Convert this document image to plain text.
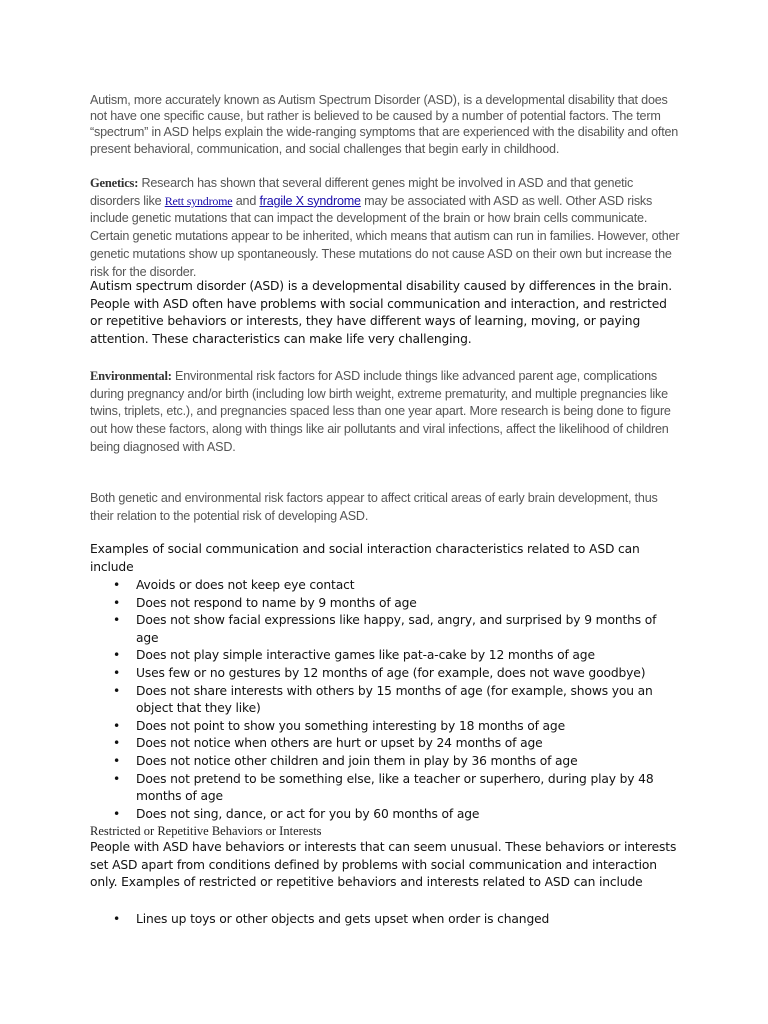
Autism, more accurately known as Autism Spectrum Disorder (ASD), is a developmental disability that does not have one specific cause, but rather is believed to be caused by a number of potential factors. The term “spectrum” in ASD helps explain the wide-ranging symptoms that are experienced with the disability and often present behavioral, communication, and social challenges that begin early in childhood.

Genetics: Research has shown that several different genes might be involved in ASD and that genetic disorders like Rett syndrome and fragile X syndrome may be associated with ASD as well. Other ASD risks include genetic mutations that can impact the development of the brain or how brain cells communicate. Certain genetic mutations appear to be inherited, which means that autism can run in families. However, other genetic mutations show up spontaneously. These mutations do not cause ASD on their own but increase the risk for the disorder.

Autism spectrum disorder (ASD) is a developmental disability caused by differences in the brain. People with ASD often have problems with social communication and interaction, and restricted or repetitive behaviors or interests, they have different ways of learning, moving, or paying attention. These characteristics can make life very challenging.

Environmental: Environmental risk factors for ASD include things like advanced parent age, complications during pregnancy and/or birth (including low birth weight, extreme prematurity, and multiple pregnancies like twins, triplets, etc.), and pregnancies spaced less than one year apart. More research is being done to figure out how these factors, along with things like air pollutants and viral infections, affect the likelihood of children being diagnosed with ASD.

Both genetic and environmental risk factors appear to affect critical areas of early brain development, thus their relation to the potential risk of developing ASD.

Examples of social communication and social interaction characteristics related to ASD can include

• Avoids or does not keep eye contact
• Does not respond to name by 9 months of age
• Does not show facial expressions like happy, sad, angry, and surprised by 9 months of age
• Does not play simple interactive games like pat-a-cake by 12 months of age
• Uses few or no gestures by 12 months of age (for example, does not wave goodbye)
• Does not share interests with others by 15 months of age (for example, shows you an object that they like)
• Does not point to show you something interesting by 18 months of age
• Does not notice when others are hurt or upset by 24 months of age
• Does not notice other children and join them in play by 36 months of age
• Does not pretend to be something else, like a teacher or superhero, during play by 48 months of age
• Does not sing, dance, or act for you by 60 months of age

Restricted or Repetitive Behaviors or Interests

People with ASD have behaviors or interests that can seem unusual. These behaviors or interests set ASD apart from conditions defined by problems with social communication and interaction only. Examples of restricted or repetitive behaviors and interests related to ASD can include

• Lines up toys or other objects and gets upset when order is changed
